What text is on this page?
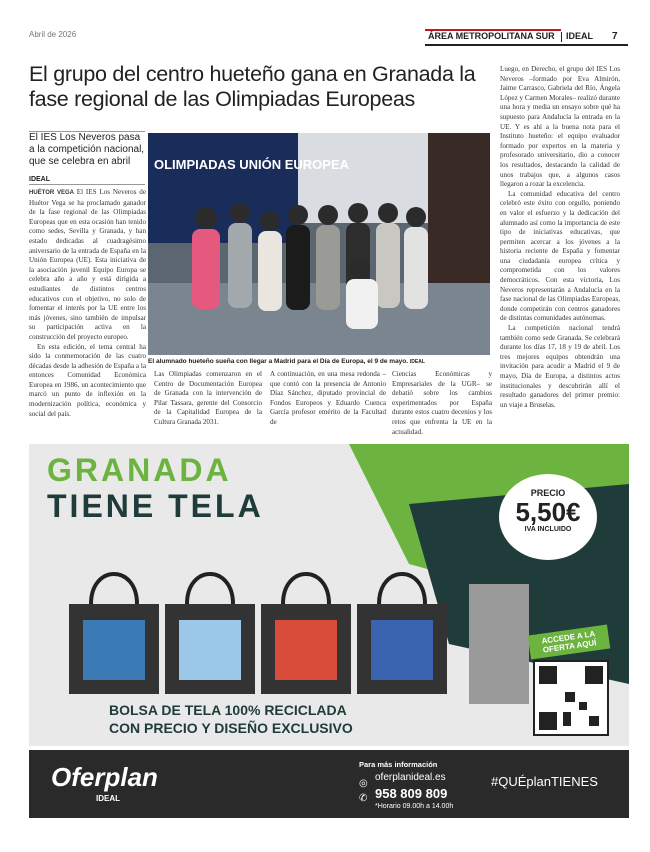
Abril de 2026	ÁREA METROPOLITANA SUR IDEAL 7
El grupo del centro hueteño gana en Granada la fase regional de las Olimpiadas Europeas
El IES Los Neveros pasa a la competición nacional, que se celebra en abril
IDEAL

HUÉTOR VEGA El IES Los Neveros de Huétor Vega se ha proclamado ganador de la fase regional de las Olimpiadas Europeas que en esta ocasión han tenido como sedes, Sevilla y Granada, y han estado dedicadas al cuadragésimo aniversario de la entrada de España en la Unión Europea (UE). Esta iniciativa de la asociación juvenil Equipo Europa se celebra año a año y está dirigida a estudiantes de distintos centros educativos con el objetivo, no solo de fomentar el interés por la UE entre los más jóvenes, sino también de impulsar su participación activa en la construcción del proyecto europeo.

En esta edición, el tema central ha sido la conmemoración de las cuatro décadas desde la adhesión de España a la entonces Comunidad Económica Europea en 1986, un acontecimiento que marcó un punto de inflexión en la modernización política, económica y social del país.

Las Olimpiadas comenzaron en el Centro de Documentación Europea de Granada con la intervención de Pilar Tassara, gerente del Consorcio de la Capitalidad Europea de la Cultura Granada 2031.

A continuación, en una mesa redonda –que contó con la presencia de Antonio Díaz Sánchez, diputado provincial de Fondos Europeos y Eduardo Cuenca García profesor emérito de la Facultad de

Ciencias Económicas y Empresariales de la UGR– se debatió sobre los cambios experimentados por España durante estos cuatro decenios y los retos que enfrenta la UE en la actualidad.

Luego, en Derecho, el grupo del IES Los Neveros –formado por Eva Almirón, Jaime Carrasco, Gabriela del Río, Ángela López y Carmen Morales– realizó durante una hora y media un ensayo sobre qué ha supuesto para Andalucía la entrada en la UE. Y es ahí a la buena nota para el Instituto hueteño: el equipo evaluador formado por expertos en la materia y profesorado universitario, dio a conocer los resultados, destacando la calidad de unos trabajos que, a algunos casos llegaron a rozar la excelencia.

La comunidad educativa del centro celebró este éxito con orgullo, poniendo en valor el esfuerzo y la dedicación del alumnado así como la importancia de este tipo de iniciativas educativas, que permiten acercar a los jóvenes a la historia reciente de España y fomentar una ciudadanía europea crítica y comprometida con los valores democráticos. Con esta victoria, Los Neveros representarán a Andalucía en la fase nacional de las Olimpiadas Europeas, donde competirán con centros ganadores de distintas comunidades autónomas.

La competición nacional tendrá también como sede Granada. Se celebrará durante los días 17, 18 y 19 de abril. Los tres mejores equipos obtendrán una invitación para acudir a Madrid el 9 de mayo, Día de Europa, a distintos actos institucionales y descubrirán allí el resultado ganadores del primer premio: un viaje a Bruselas.

OLIMPIADAS UNIÓN EUROPEA
El alumnado hueteño sueña con llegar a Madrid para el Día de Europa, el 9 de mayo. IDEAL
GRANADA
TIENE TELA	PRECIO
5,50€
IVA INCLUIDO
ACCEDE A LA OFERTA AQUÍ
BOLSA DE TELA 100% RECICLADA
CON PRECIO Y DISEÑO EXCLUSIVO
Oferplan
IDEAL
Para más información
◎
oferplanideal.es
✆ 958 809 809
*Horario 09.00h a 14.00h
#QUÉplanTIENES
